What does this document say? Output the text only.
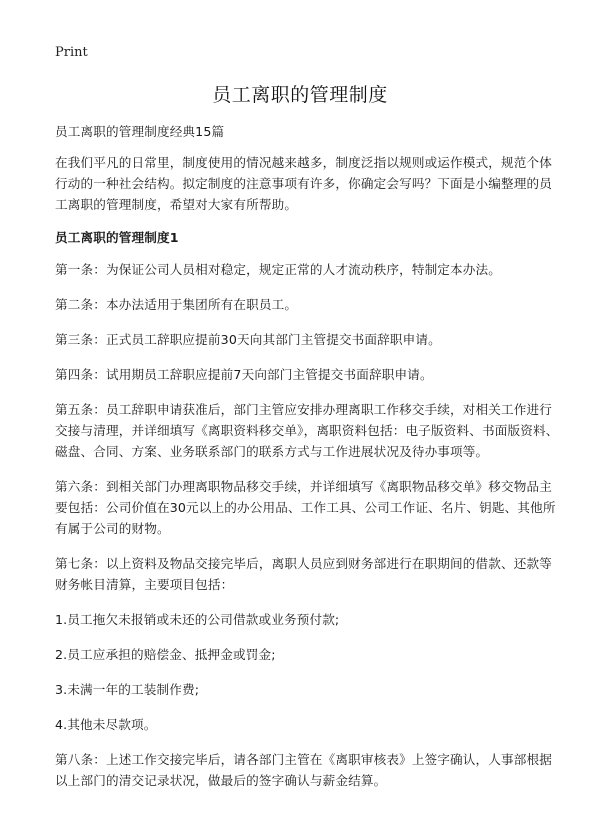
Print
员工离职的管理制度

员工离职的管理制度经典15篇

在我们平凡的日常里，制度使用的情况越来越多，制度泛指以规则或运作模式，规范个体行动的一种社会结构。拟定制度的注意事项有许多，你确定会写吗？下面是小编整理的员工离职的管理制度，希望对大家有所帮助。

员工离职的管理制度1

第一条：为保证公司人员相对稳定，规定正常的人才流动秩序，特制定本办法。

第二条：本办法适用于集团所有在职员工。

第三条：正式员工辞职应提前30天向其部门主管提交书面辞职申请。

第四条：试用期员工辞职应提前7天向部门主管提交书面辞职申请。

第五条：员工辞职申请获准后，部门主管应安排办理离职工作移交手续，对相关工作进行交接与清理，并详细填写《离职资料移交单》，离职资料包括：电子版资料、书面版资料、磁盘、合同、方案、业务联系部门的联系方式与工作进展状况及待办事项等。

第六条：到相关部门办理离职物品移交手续，并详细填写《离职物品移交单》移交物品主要包括：公司价值在30元以上的办公用品、工作工具、公司工作证、名片、钥匙、其他所有属于公司的财物。

第七条：以上资料及物品交接完毕后，离职人员应到财务部进行在职期间的借款、还款等财务帐目清算，主要项目包括：

1.员工拖欠未报销或未还的公司借款或业务预付款;

2.员工应承担的赔偿金、抵押金或罚金;

3.未满一年的工装制作费;

4.其他未尽款项。

第八条：上述工作交接完毕后，请各部门主管在《离职审核表》上签字确认，人事部根据以上部门的清交记录状况，做最后的签字确认与薪金结算。
